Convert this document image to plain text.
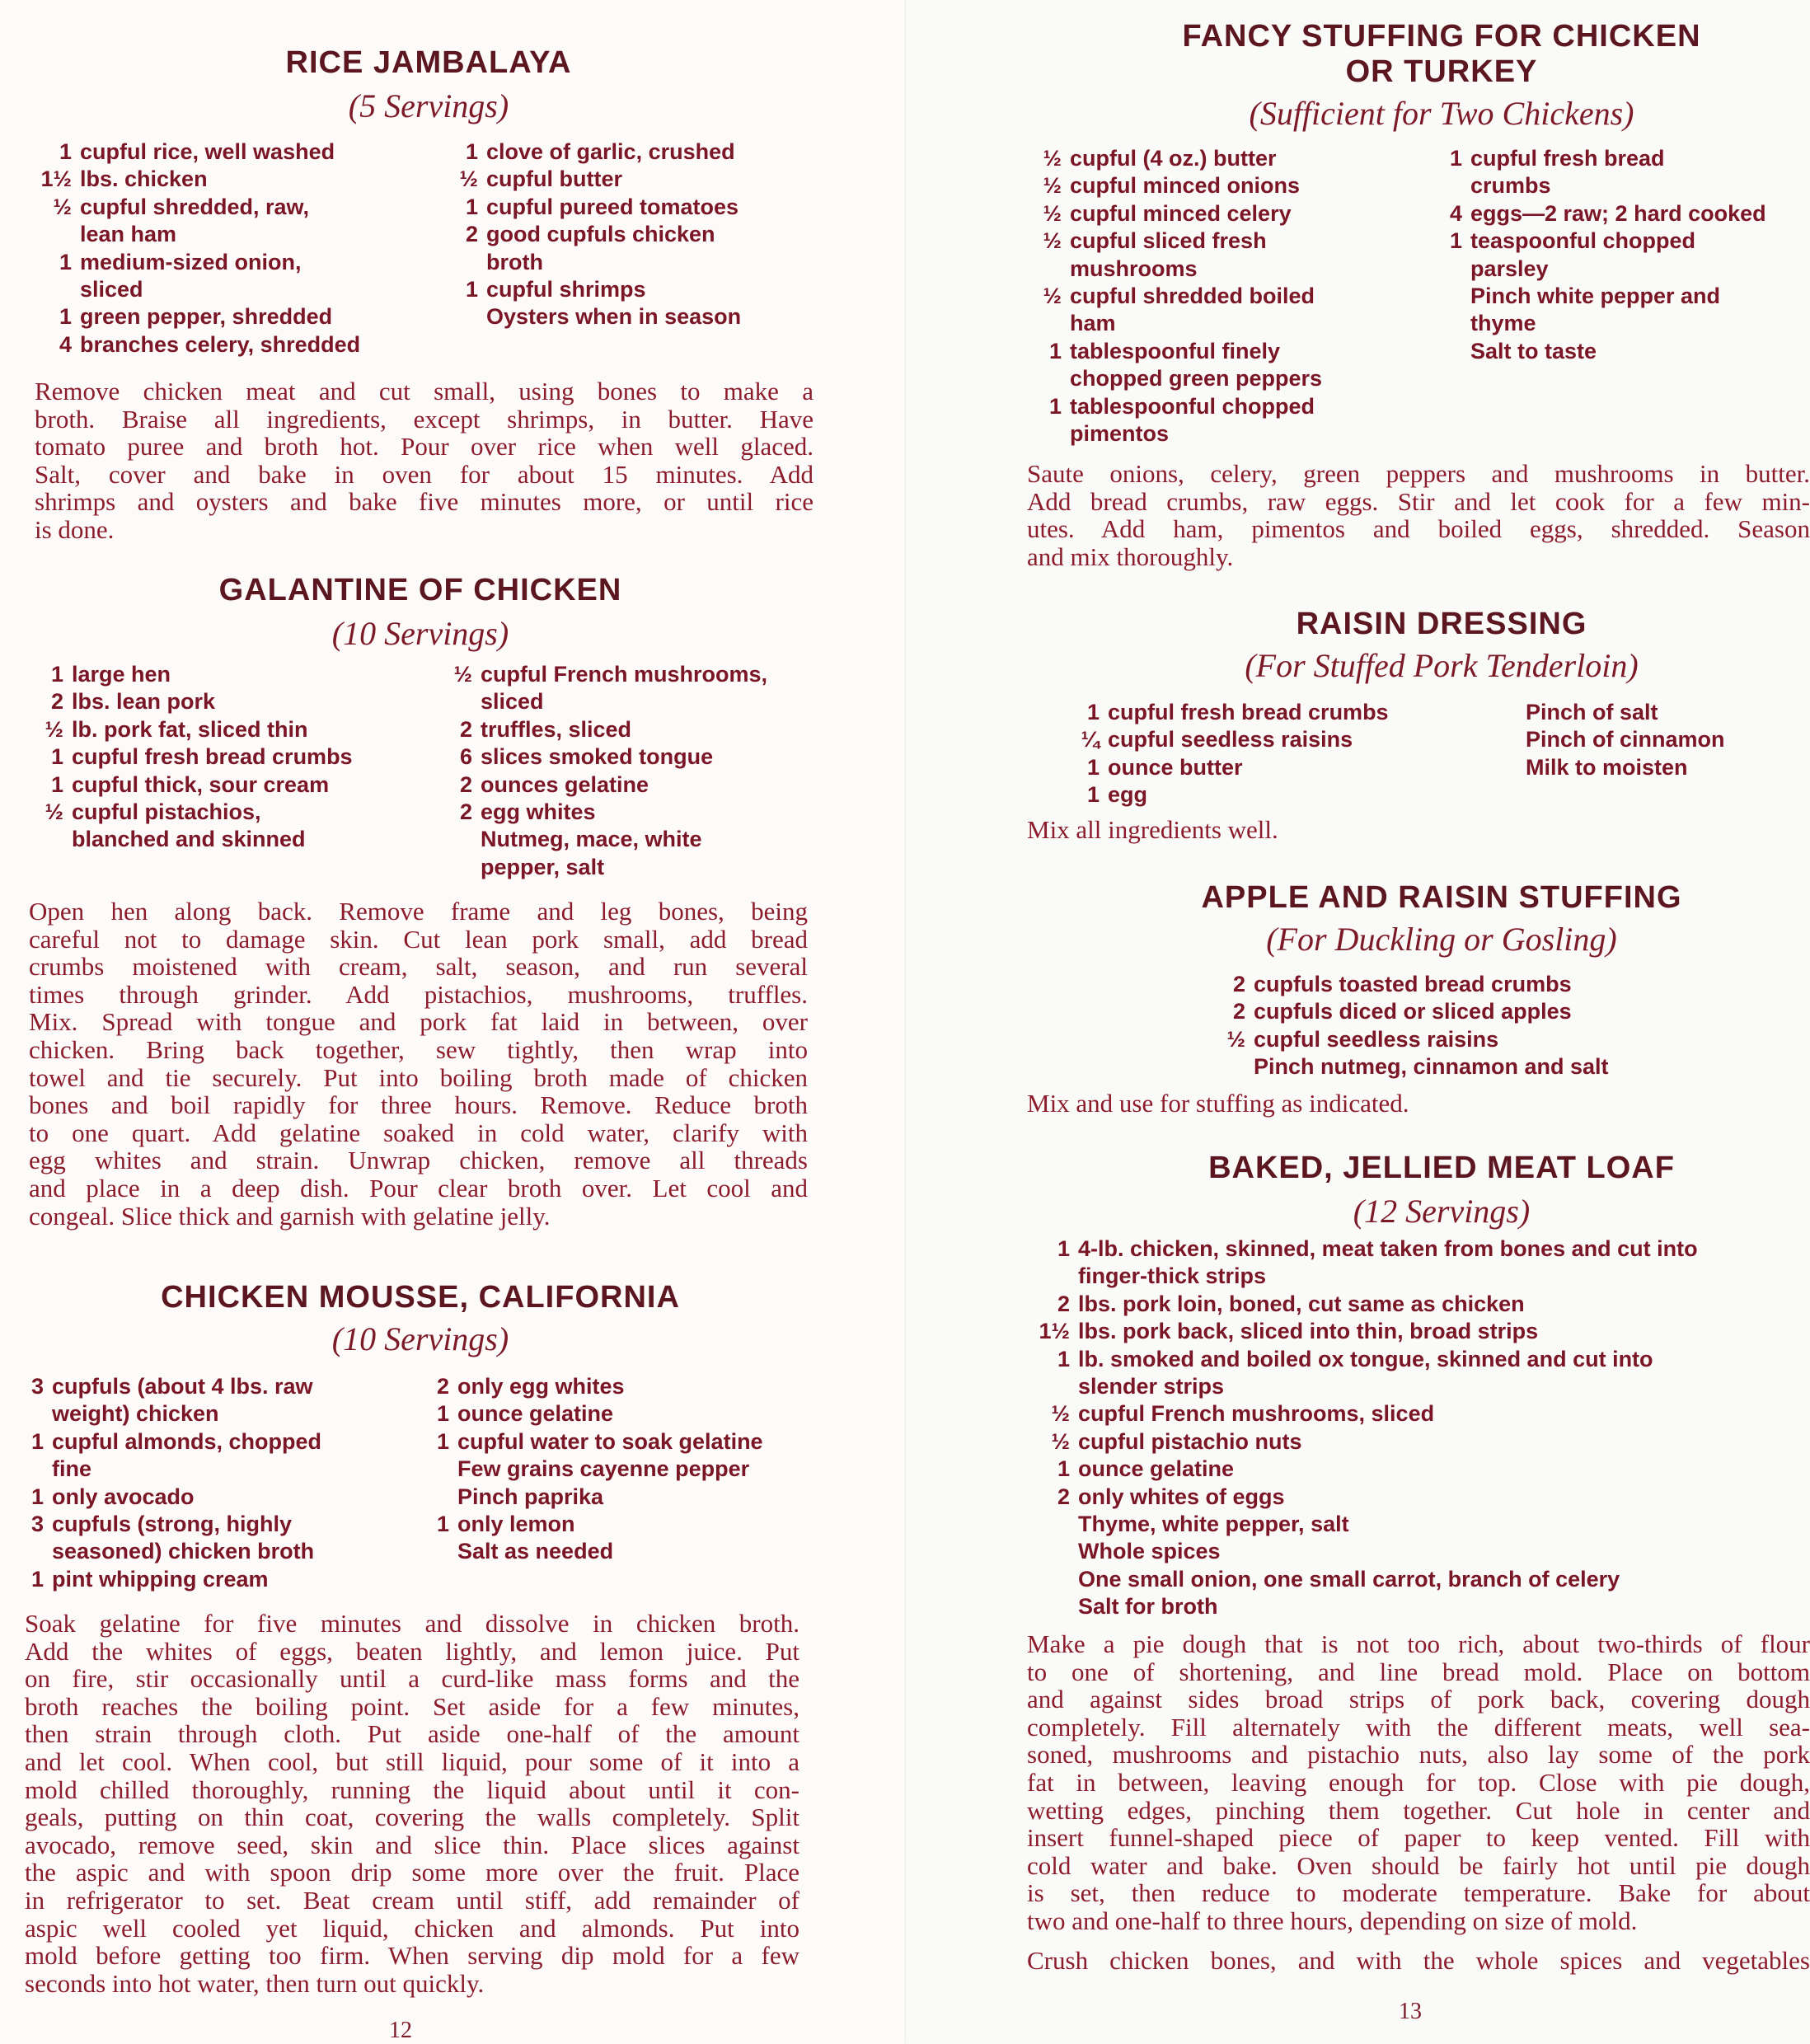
RICE JAMBALAYA
(5 Servings)
1 cupful rice, well washed
1½ lbs. chicken
½ cupful shredded, raw,
lean ham
1 medium-sized onion,
sliced
1 green pepper, shredded
4 branches celery, shredded
1 clove of garlic, crushed
½ cupful butter
1 cupful pureed tomatoes
2 good cupfuls chicken
broth
1 cupful shrimps
Oysters when in season
Remove chicken meat and cut small, using bones to make a
broth. Braise all ingredients, except shrimps, in butter. Have
tomato puree and broth hot. Pour over rice when well glaced.
Salt, cover and bake in oven for about 15 minutes. Add
shrimps and oysters and bake five minutes more, or until rice
is done.
GALANTINE OF CHICKEN
(10 Servings)
1 large hen
2 lbs. lean pork
½ lb. pork fat, sliced thin
1 cupful fresh bread crumbs
1 cupful thick, sour cream
½ cupful pistachios,
blanched and skinned
½ cupful French mushrooms,
sliced
2 truffles, sliced
6 slices smoked tongue
2 ounces gelatine
2 egg whites
Nutmeg, mace, white
pepper, salt
Open hen along back. Remove frame and leg bones, being
careful not to damage skin. Cut lean pork small, add bread
crumbs moistened with cream, salt, season, and run several
times through grinder. Add pistachios, mushrooms, truffles.
Mix. Spread with tongue and pork fat laid in between, over
chicken. Bring back together, sew tightly, then wrap into
towel and tie securely. Put into boiling broth made of chicken
bones and boil rapidly for three hours. Remove. Reduce broth
to one quart. Add gelatine soaked in cold water, clarify with
egg whites and strain. Unwrap chicken, remove all threads
and place in a deep dish. Pour clear broth over. Let cool and
congeal. Slice thick and garnish with gelatine jelly.
CHICKEN MOUSSE, CALIFORNIA
(10 Servings)
3 cupfuls (about 4 lbs. raw
weight) chicken
1 cupful almonds, chopped
fine
1 only avocado
3 cupfuls (strong, highly
seasoned) chicken broth
1 pint whipping cream
2 only egg whites
1 ounce gelatine
1 cupful water to soak gelatine
Few grains cayenne pepper
Pinch paprika
1 only lemon
Salt as needed
Soak gelatine for five minutes and dissolve in chicken broth.
Add the whites of eggs, beaten lightly, and lemon juice. Put
on fire, stir occasionally until a curd-like mass forms and the
broth reaches the boiling point. Set aside for a few minutes,
then strain through cloth. Put aside one-half of the amount
and let cool. When cool, but still liquid, pour some of it into a
mold chilled thoroughly, running the liquid about until it con-
geals, putting on thin coat, covering the walls completely. Split
avocado, remove seed, skin and slice thin. Place slices against
the aspic and with spoon drip some more over the fruit. Place
in refrigerator to set. Beat cream until stiff, add remainder of
aspic well cooled yet liquid, chicken and almonds. Put into
mold before getting too firm. When serving dip mold for a few
seconds into hot water, then turn out quickly.
12
FANCY STUFFING FOR CHICKEN
OR TURKEY
(Sufficient for Two Chickens)
½ cupful (4 oz.) butter
½ cupful minced onions
½ cupful minced celery
½ cupful sliced fresh
mushrooms
½ cupful shredded boiled
ham
1 tablespoonful finely
chopped green peppers
1 tablespoonful chopped
pimentos
1 cupful fresh bread
crumbs
4 eggs—2 raw; 2 hard cooked
1 teaspoonful chopped
parsley
Pinch white pepper and
thyme
Salt to taste
Saute onions, celery, green peppers and mushrooms in butter.
Add bread crumbs, raw eggs. Stir and let cook for a few min-
utes. Add ham, pimentos and boiled eggs, shredded. Season
and mix thoroughly.
RAISIN DRESSING
(For Stuffed Pork Tenderloin)
1 cupful fresh bread crumbs
¼ cupful seedless raisins
1 ounce butter
1 egg
Pinch of salt
Pinch of cinnamon
Milk to moisten
Mix all ingredients well.
APPLE AND RAISIN STUFFING
(For Duckling or Gosling)
2 cupfuls toasted bread crumbs
2 cupfuls diced or sliced apples
½ cupful seedless raisins
Pinch nutmeg, cinnamon and salt
Mix and use for stuffing as indicated.
BAKED, JELLIED MEAT LOAF
(12 Servings)
1 4-lb. chicken, skinned, meat taken from bones and cut into
finger-thick strips
2 lbs. pork loin, boned, cut same as chicken
1½ lbs. pork back, sliced into thin, broad strips
1 lb. smoked and boiled ox tongue, skinned and cut into
slender strips
½ cupful French mushrooms, sliced
½ cupful pistachio nuts
1 ounce gelatine
2 only whites of eggs
Thyme, white pepper, salt
Whole spices
One small onion, one small carrot, branch of celery
Salt for broth
Make a pie dough that is not too rich, about two-thirds of flour
to one of shortening, and line bread mold. Place on bottom
and against sides broad strips of pork back, covering dough
completely. Fill alternately with the different meats, well sea-
soned, mushrooms and pistachio nuts, also lay some of the pork
fat in between, leaving enough for top. Close with pie dough,
wetting edges, pinching them together. Cut hole in center and
insert funnel-shaped piece of paper to keep vented. Fill with
cold water and bake. Oven should be fairly hot until pie dough
is set, then reduce to moderate temperature. Bake for about
two and one-half to three hours, depending on size of mold.
Crush chicken bones, and with the whole spices and vegetables
13
